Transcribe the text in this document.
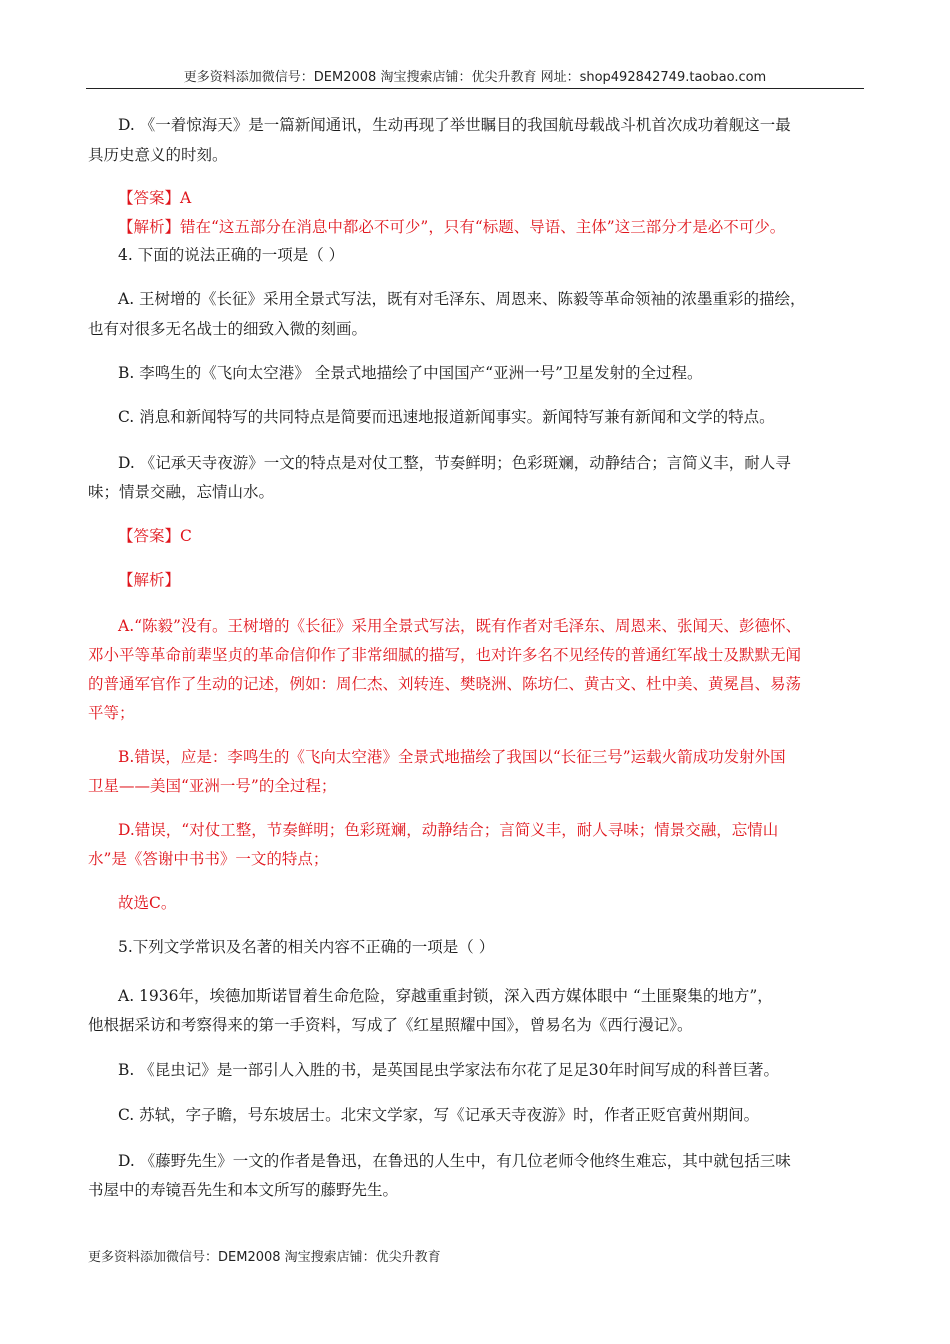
更多资料添加微信号：DEM2008 淘宝搜索店铺：优尖升教育 网址：shop492842749.taobao.com
D. 《一着惊海天》是一篇新闻通讯，生动再现了举世瞩目的我国航母载战斗机首次成功着舰这一最
具历史意义的时刻。
【答案】A
【解析】错在“这五部分在消息中都必不可少”，只有“标题、导语、主体”这三部分才是必不可少。
4. 下面的说法正确的一项是（ ）
A. 王树增的《长征》采用全景式写法，既有对毛泽东、周恩来、陈毅等革命领袖的浓墨重彩的描绘，
也有对很多无名战士的细致入微的刻画。
B. 李鸣生的《飞向太空港》 全景式地描绘了中国国产“亚洲一号”卫星发射的全过程。
C. 消息和新闻特写的共同特点是简要而迅速地报道新闻事实。新闻特写兼有新闻和文学的特点。
D. 《记承天寺夜游》一文的特点是对仗工整，节奏鲜明；色彩斑斓，动静结合；言简义丰，耐人寻
味；情景交融，忘情山水。
【答案】C
【解析】
A.“陈毅”没有。王树增的《长征》采用全景式写法，既有作者对毛泽东、周恩来、张闻天、彭德怀、
邓小平等革命前辈坚贞的革命信仰作了非常细腻的描写，也对许多名不见经传的普通红军战士及默默无闻
的普通军官作了生动的记述，例如：周仁杰、刘转连、樊晓洲、陈坊仁、黄古文、杜中美、黄冕昌、易荡
平等；
B.错误，应是：李鸣生的《飞向太空港》全景式地描绘了我国以“长征三号”运载火箭成功发射外国
卫星——美国“亚洲一号”的全过程；
D.错误，“对仗工整，节奏鲜明；色彩斑斓，动静结合；言简义丰，耐人寻味；情景交融，忘情山
水”是《答谢中书书》一文的特点；
故选C。
5.下列文学常识及名著的相关内容不正确的一项是（ ）
A. 1936年，埃德加斯诺冒着生命危险，穿越重重封锁，深入西方媒体眼中 “土匪聚集的地方”，
他根据采访和考察得来的第一手资料，写成了《红星照耀中国》，曾易名为《西行漫记》。
B. 《昆虫记》是一部引人入胜的书，是英国昆虫学家法布尔花了足足30年时间写成的科普巨著。
C. 苏轼，字子瞻，号东坡居士。北宋文学家，写《记承天寺夜游》时，作者正贬官黄州期间。
D. 《藤野先生》一文的作者是鲁迅，在鲁迅的人生中，有几位老师令他终生难忘，其中就包括三味
书屋中的寿镜吾先生和本文所写的藤野先生。
更多资料添加微信号：DEM2008 淘宝搜索店铺：优尖升教育
